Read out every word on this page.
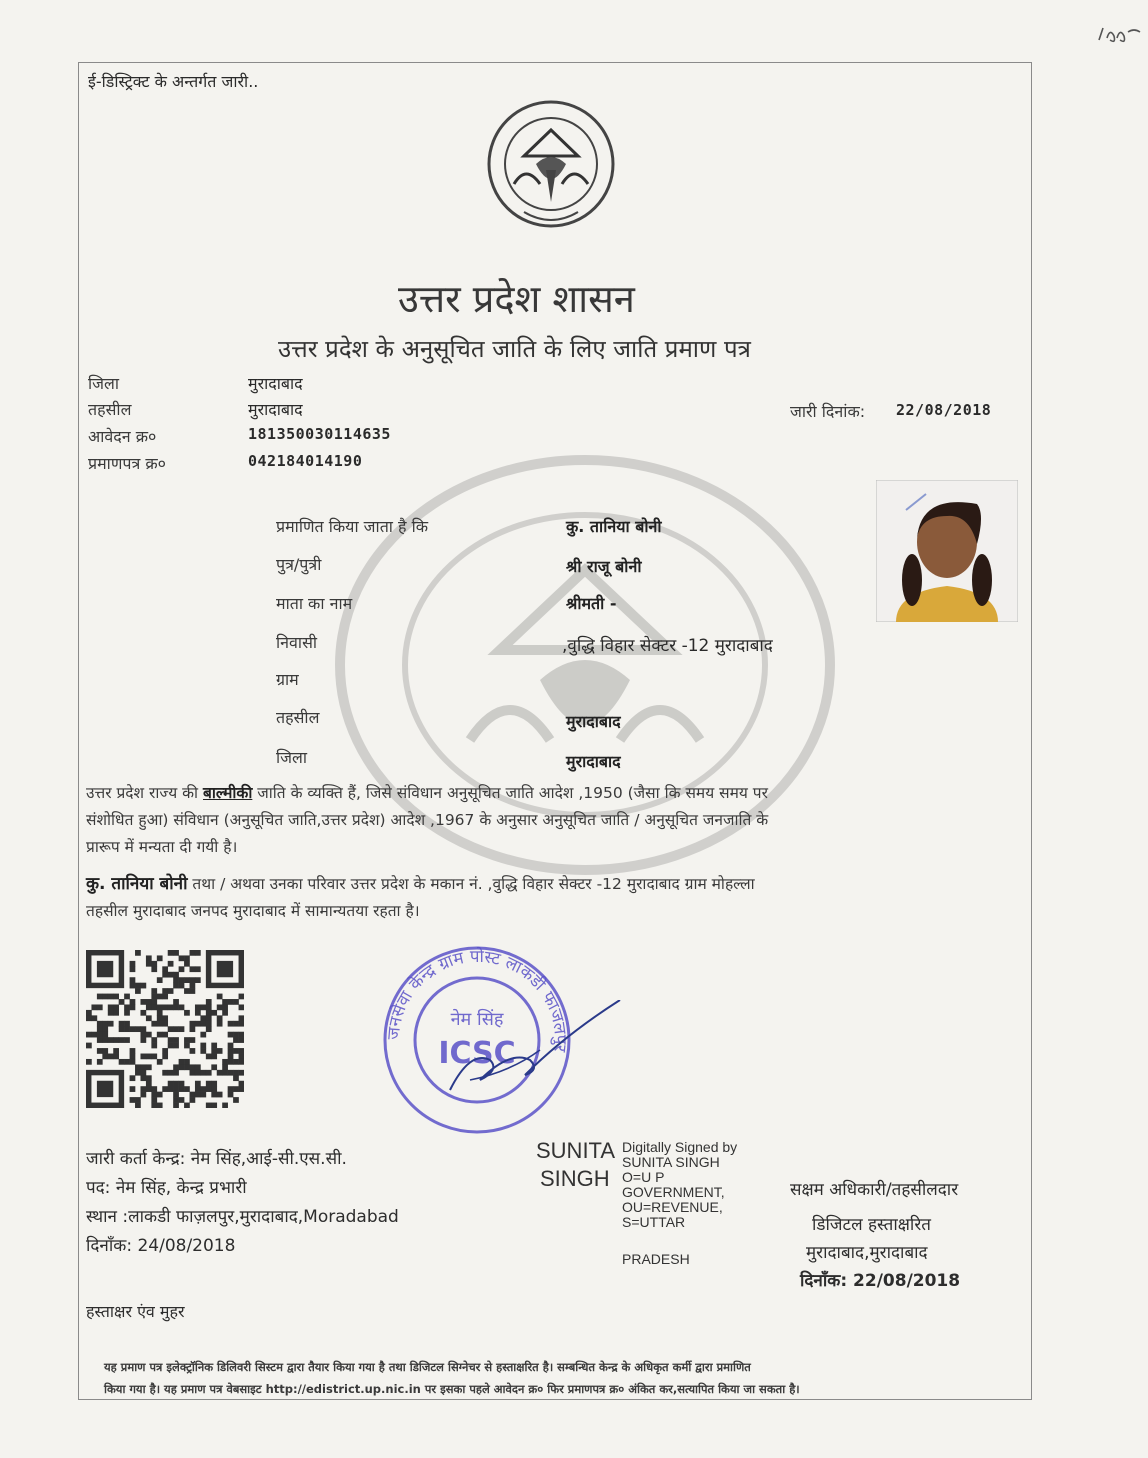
ई-डिस्ट्रिक्ट के अन्तर्गत जारी..
उत्तर प्रदेश शासन
उत्तर प्रदेश के अनुसूचित जाति के लिए जाति प्रमाण पत्र
जिला	मुरादाबाद
तहसील	मुरादाबाद
आवेदन क्र०	181350030114635
प्रमाणपत्र क्र०	042184014190
जारी दिनांक: 22/08/2018
प्रमाणित किया जाता है कि	कु. तानिया बोनी
पुत्र/पुत्री	श्री राजू बोनी
माता का नाम	श्रीमती -
निवासी	,वुद्धि विहार सेक्टर -12 मुरादाबाद
ग्राम
तहसील	मुरादाबाद
जिला	मुरादाबाद
उत्तर प्रदेश राज्य की बाल्मीकी जाति के व्यक्ति हैं, जिसे संविधान अनुसूचित जाति आदेश ,1950 (जैसा कि समय समय पर
संशोधित हुआ) संविधान (अनुसूचित जाति,उत्तर प्रदेश) आदेश ,1967 के अनुसार अनुसूचित जाति / अनुसूचित जनजाति के
प्रारूप में मन्यता दी गयी है।
कु. तानिया बोनी तथा / अथवा उनका परिवार उत्तर प्रदेश के मकान नं. ,वुद्धि विहार सेक्टर -12 मुरादाबाद ग्राम मोहल्ला
तहसील मुरादाबाद जनपद मुरादाबाद में सामान्यतया रहता है।
जनसेवा केन्द्र ग्राम पोस्ट लाकडी फाजलपुर
नेम सिंह
ICSC
जारी कर्ता केन्द्र: नेम सिंह,आई-सी.एस.सी.
पद: नेम सिंह, केन्द्र प्रभारी
स्थान :लाकडी फाज़लपुर,मुरादाबाद,Moradabad
दिनाँक: 24/08/2018
हस्ताक्षर एंव मुहर
SUNITA
SINGH
Digitally Signed by
SUNITA SINGH
O=U P
GOVERNMENT,
OU=REVENUE,
S=UTTAR
PRADESH
सक्षम अधिकारी/तहसीलदार
डिजिटल हस्ताक्षरित
मुरादाबाद,मुरादाबाद
दिनाँक: 22/08/2018
यह प्रमाण पत्र इलेक्ट्रॉनिक डिलिवरी सिस्टम द्वारा तैयार किया गया है तथा डिजिटल सिग्नेचर से हस्ताक्षरित है। सम्बन्धित केन्द्र के अधिकृत कर्मी द्वारा प्रमाणित
किया गया है। यह प्रमाण पत्र वेबसाइट http://edistrict.up.nic.in पर इसका पहले आवेदन क्र० फिर प्रमाणपत्र क्र० अंकित कर,सत्यापित किया जा सकता है।
